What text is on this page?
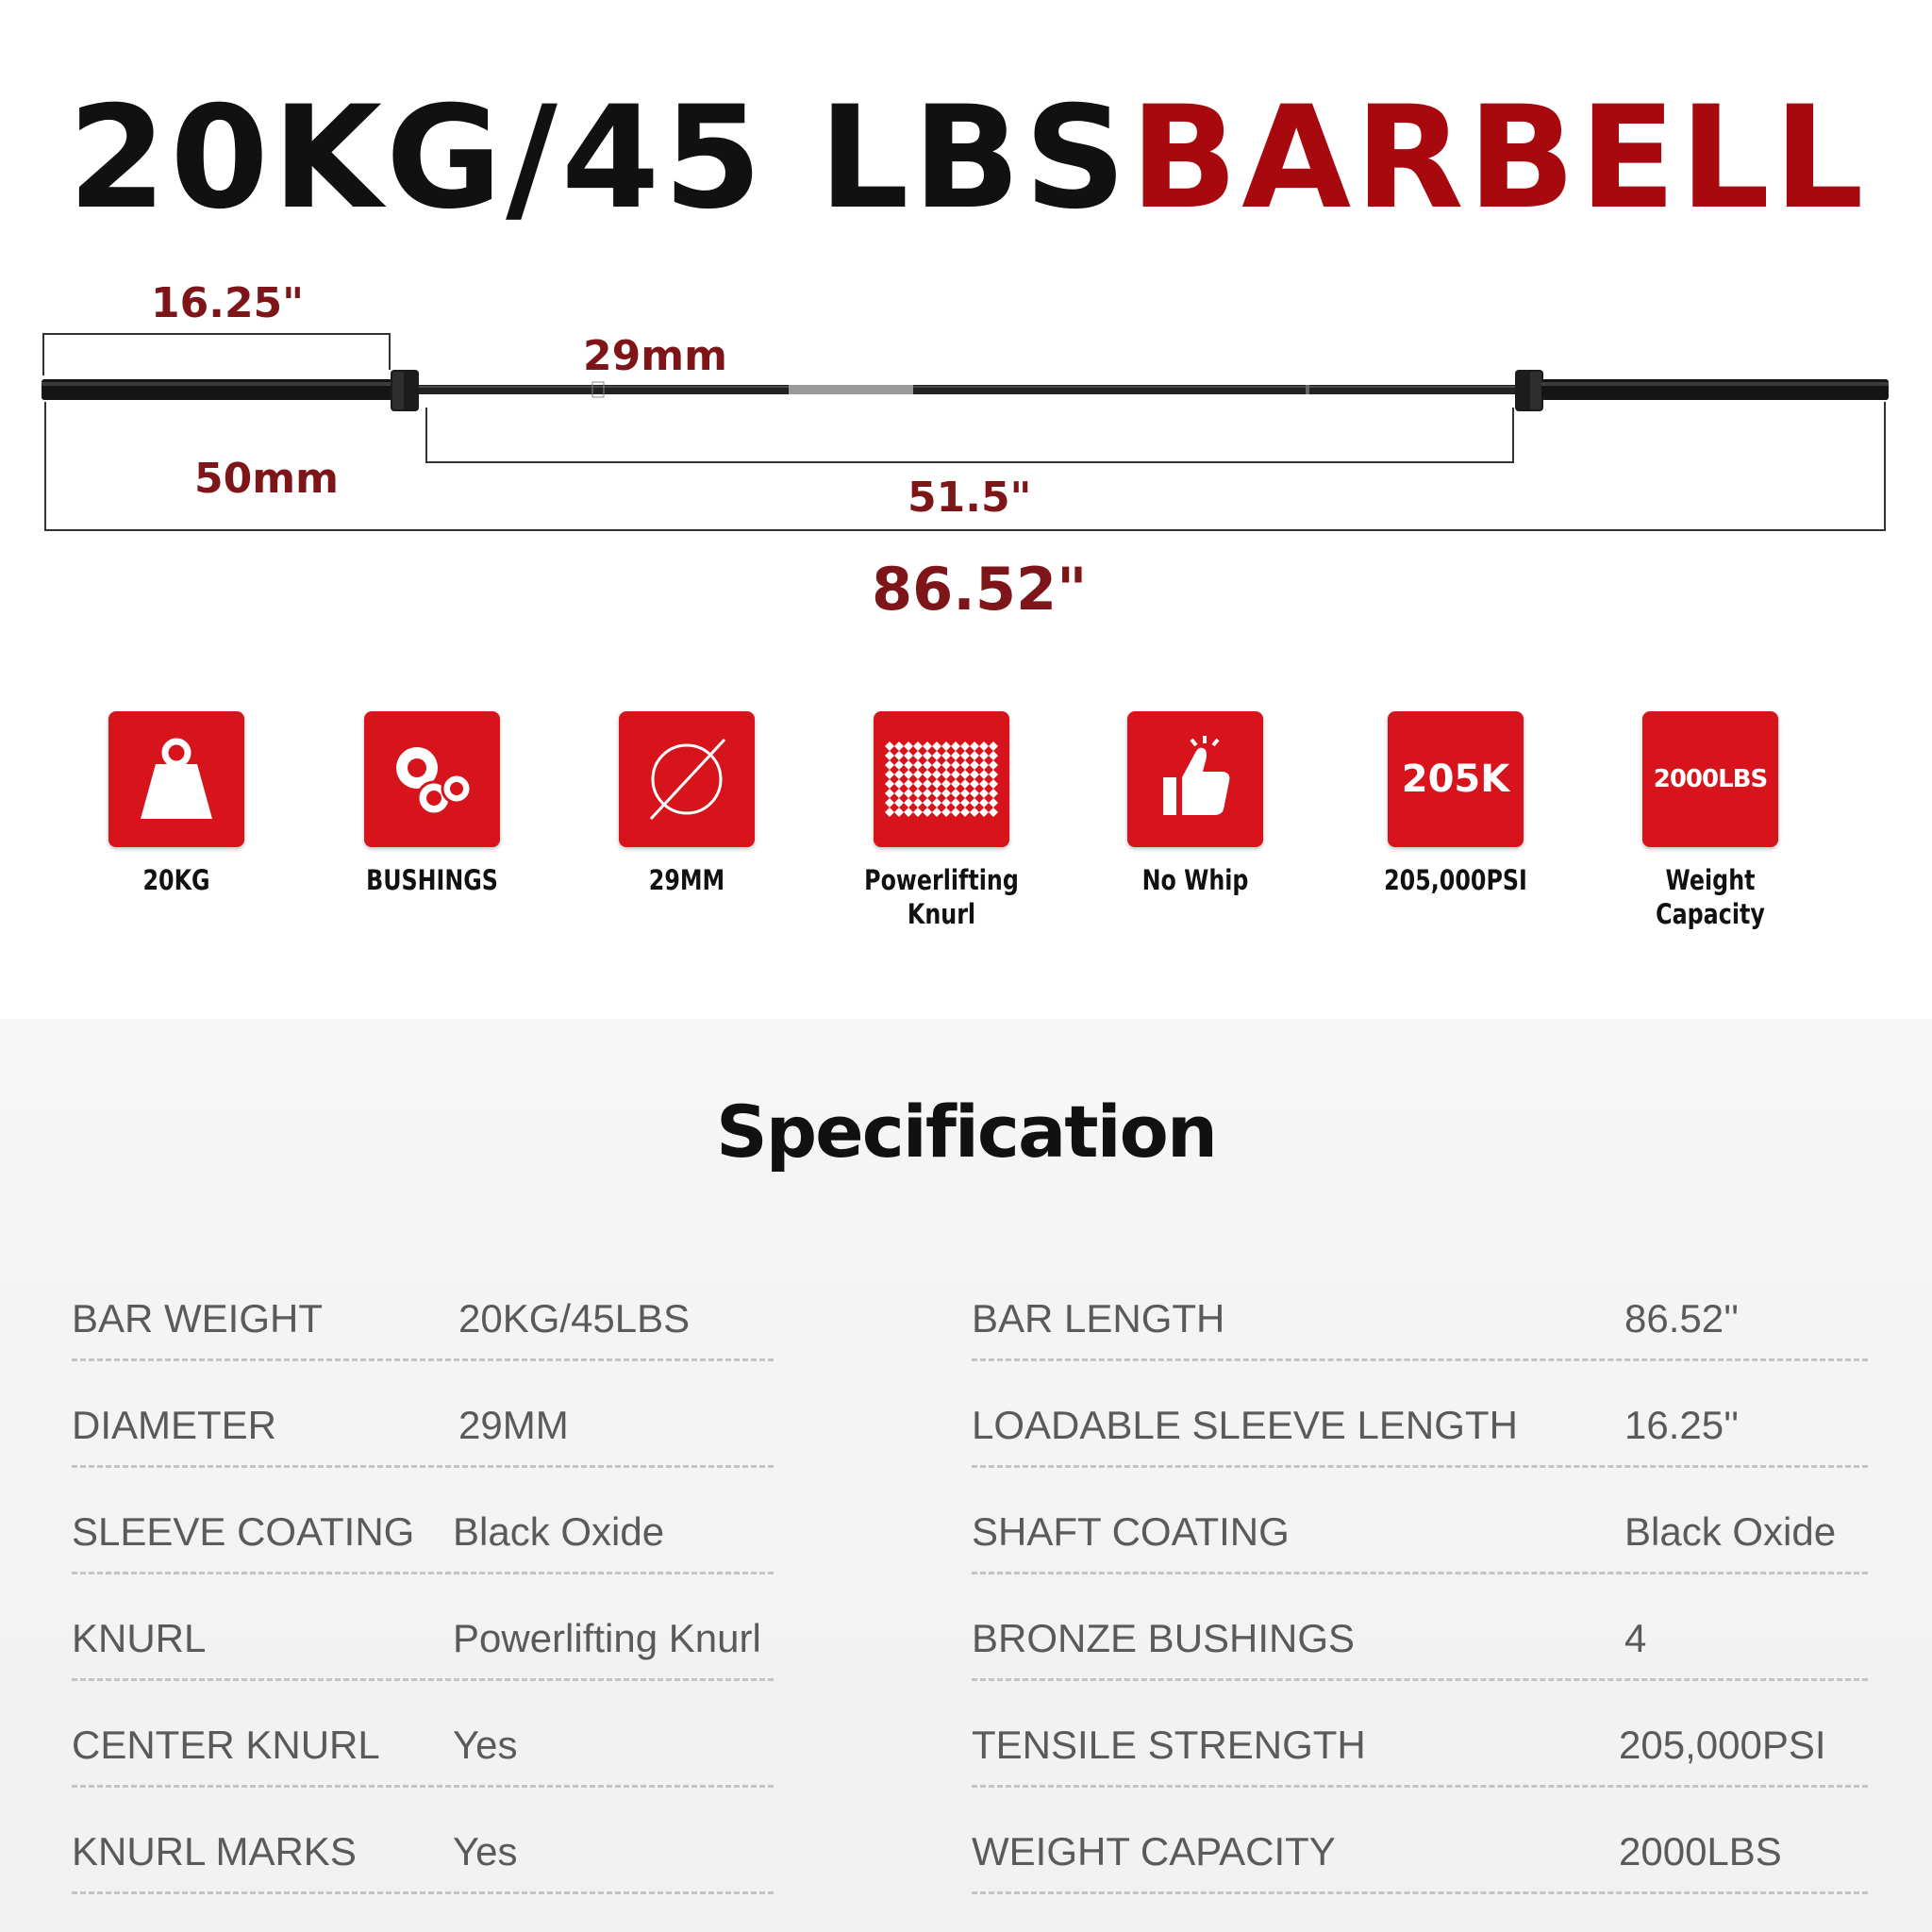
20KG/45 LBSBARBELL
16.25"
29mm
50mm	51.5"
86.52"
20KG	BUSHINGS	29MM	Powerlifting
Knurl
No Whip
205K
205,000PSI
2000LBS
Weight
Capacity
Specification
BAR WEIGHT	20KG/45LBS
DIAMETER	29MM
SLEEVE COATING Black Oxide
KNURL	Powerlifting Knurl
CENTER KNURL Yes
KNURL MARKS Yes
BAR LENGTH	86.52''
LOADABLE SLEEVE LENGTH	16.25''
SHAFT COATING	Black Oxide
BRONZE BUSHINGS	4
TENSILE STRENGTH	205,000PSI
WEIGHT CAPACITY	2000LBS
